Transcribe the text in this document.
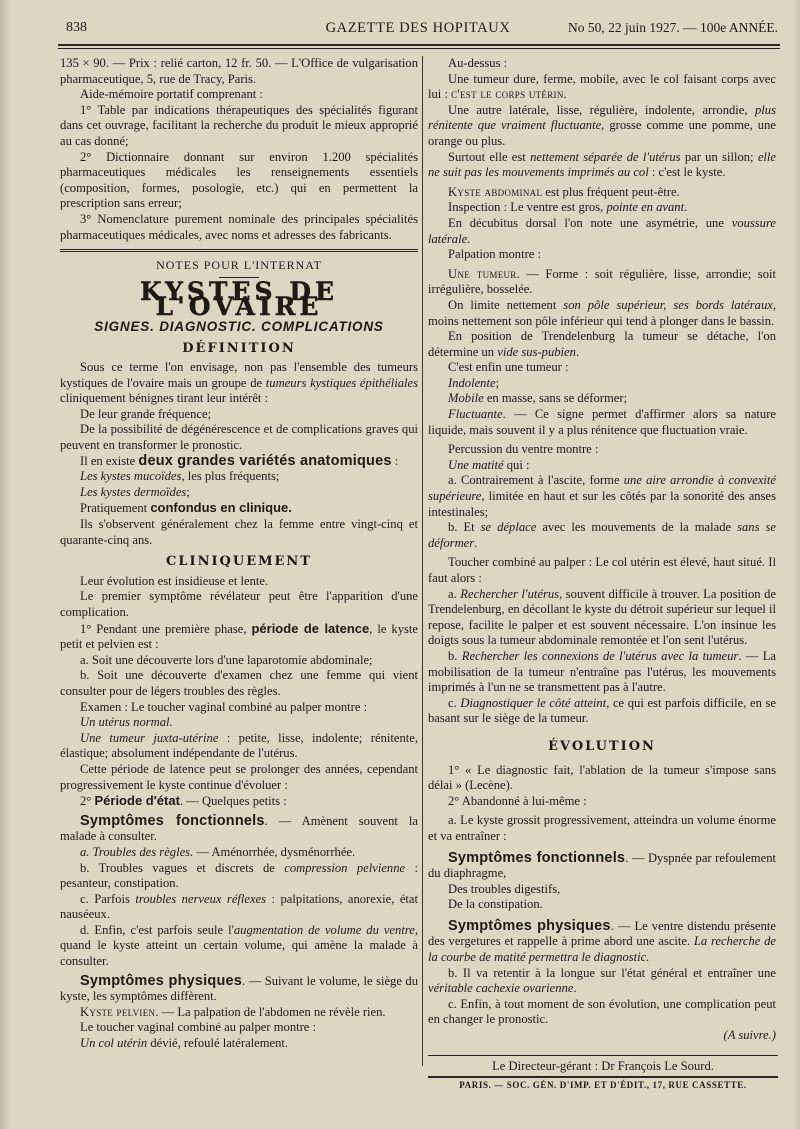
838	GAZETTE DES HOPITAUX	No 50, 22 juin 1927. — 100e ANNÉE.

135 × 90. — Prix : relié carton, 12 fr. 50. — L'Office de vulgarisation pharmaceutique, 5, rue de Tracy, Paris.

Aide-mémoire portatif comprenant :

1° Table par indications thérapeutiques des spécialités figurant dans cet ouvrage, facilitant la recherche du produit le mieux approprié au cas donné;

2° Dictionnaire donnant sur environ 1.200 spécialités pharmaceutiques médicales les renseignements essentiels (composition, formes, posologie, etc.) qui en permettent la prescription sans erreur;

3° Nomenclature purement nominale des principales spécialités pharmaceutiques médicales, avec noms et adresses des fabricants.

NOTES POUR L'INTERNAT
KYSTES DE L'OVAIRE
SIGNES. DIAGNOSTIC. COMPLICATIONS
DÉFINITION

Sous ce terme l'on envisage, non pas l'ensemble des tumeurs kystiques de l'ovaire mais un groupe de tumeurs kystiques épithéliales cliniquement bénignes tirant leur intérêt :

De leur grande fréquence;

De la possibilité de dégénérescence et de complications graves qui peuvent en transformer le pronostic.

Il en existe deux grandes variétés anatomiques :

Les kystes mucoïdes, les plus fréquents;

Les kystes dermoïdes;

Pratiquement confondus en clinique.

Ils s'observent généralement chez la femme entre vingt-cinq et quarante-cinq ans.

CLINIQUEMENT

Leur évolution est insidieuse et lente.

Le premier symptôme révélateur peut être l'apparition d'une complication.

1° Pendant une première phase, période de latence, le kyste petit et pelvien est :

a. Soit une découverte lors d'une laparotomie abdominale;

b. Soit une découverte d'examen chez une femme qui vient consulter pour de légers troubles des règles.

Examen : Le toucher vaginal combiné au palper montre :

Un utérus normal.

Une tumeur juxta-utérine : petite, lisse, indolente; rénitente, élastique; absolument indépendante de l'utérus.

Cette période de latence peut se prolonger des années, cependant progressivement le kyste continue d'évoluer :

2° Période d'état. — Quelques petits :

Symptômes fonctionnels. — Amènent souvent la malade à consulter.

a. Troubles des règles. — Aménorrhée, dysménorrhée.

b. Troubles vagues et discrets de compression pelvienne : pesanteur, constipation.

c. Parfois troubles nerveux réflexes : palpitations, anorexie, état nauséeux.

d. Enfin, c'est parfois seule l'augmentation de volume du ventre, quand le kyste atteint un certain volume, qui amène la malade à consulter.

Symptômes physiques. — Suivant le volume, le siège du kyste, les symptômes diffèrent.

Kyste pelvien. — La palpation de l'abdomen ne révèle rien.

Le toucher vaginal combiné au palper montre :

Un col utérin dévié, refoulé latéralement.

Au-dessus :

Une tumeur dure, ferme, mobile, avec le col faisant corps avec lui : c'est le corps utérin.

Une autre latérale, lisse, régulière, indolente, arrondie, plus rénitente que vraiment fluctuante, grosse comme une pomme, une orange ou plus.

Surtout elle est nettement séparée de l'utérus par un sillon; elle ne suit pas les mouvements imprimés au col : c'est le kyste.

Kyste abdominal est plus fréquent peut-être.

Inspection : Le ventre est gros, pointe en avant.

En décubitus dorsal l'on note une asymétrie, une voussure latérale.

Palpation montre :

Une tumeur. — Forme : soit régulière, lisse, arrondie; soit irrégulière, bosselée.

On limite nettement son pôle supérieur, ses bords latéraux, moins nettement son pôle inférieur qui tend à plonger dans le bassin.

En position de Trendelenburg la tumeur se détache, l'on détermine un vide sus-pubien.

C'est enfin une tumeur :

Indolente;

Mobile en masse, sans se déformer;

Fluctuante. — Ce signe permet d'affirmer alors sa nature liquide, mais souvent il y a plus rénitence que fluctuation vraie.

Percussion du ventre montre :

Une matité qui :

a. Contrairement à l'ascite, forme une aire arrondie à convexité supérieure, limitée en haut et sur les côtés par la sonorité des anses intestinales;

b. Et se déplace avec les mouvements de la malade sans se déformer.

Toucher combiné au palper : Le col utérin est élevé, haut situé. Il faut alors :

a. Rechercher l'utérus, souvent difficile à trouver. La position de Trendelenburg, en décollant le kyste du détroit supérieur sur lequel il repose, facilite le palper et est souvent nécessaire. L'on insinue les doigts sous la tumeur abdominale remontée et l'on sent l'utérus.

b. Rechercher les connexions de l'utérus avec la tumeur. — La mobilisation de la tumeur n'entraîne pas l'utérus, les mouvements imprimés à l'un ne se transmettent pas à l'autre.

c. Diagnostiquer le côté atteint, ce qui est parfois difficile, en se basant sur le siège de la tumeur.

ÉVOLUTION

1° « Le diagnostic fait, l'ablation de la tumeur s'impose sans délai » (Lecène).

2° Abandonné à lui-même :

a. Le kyste grossit progressivement, atteindra un volume énorme et va entraîner :

Symptômes fonctionnels. — Dyspnée par refoulement du diaphragme,

Des troubles digestifs,

De la constipation.

Symptômes physiques. — Le ventre distendu présente des vergetures et rappelle à prime abord une ascite. La recherche de la courbe de matité permettra le diagnostic.

b. Il va retentir à la longue sur l'état général et entraîner une véritable cachexie ovarienne.

c. Enfin, à tout moment de son évolution, une complication peut en changer le pronostic.

(A suivre.)

Le Directeur-gérant : Dr François Le Sourd.
PARIS. — SOC. GÉN. D'IMP. ET D'ÉDIT., 17, RUE CASSETTE.
